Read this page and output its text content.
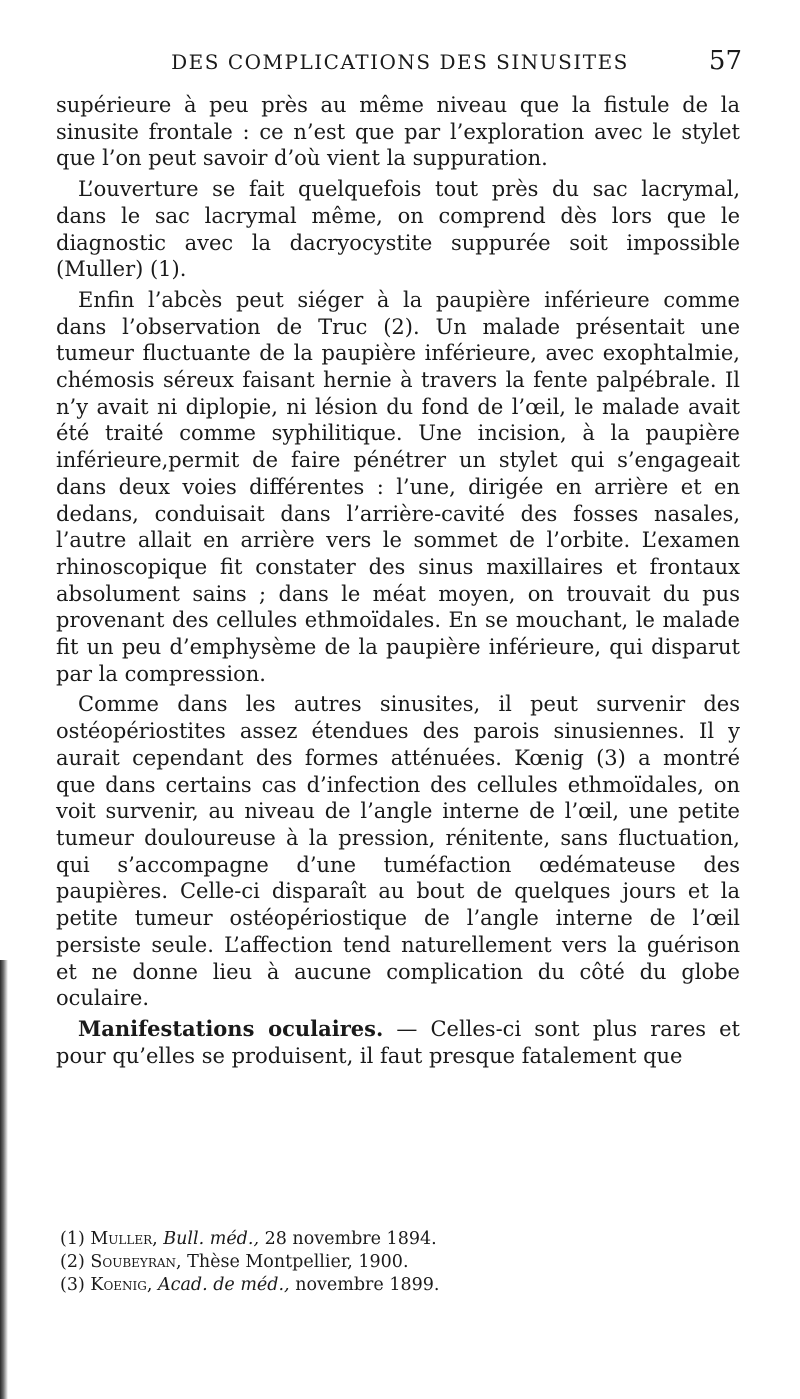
DES COMPLICATIONS DES SINUSITES	57

supérieure à peu près au même niveau que la fistule de la sinusite frontale : ce n’est que par l’exploration avec le stylet que l’on peut savoir d’où vient la suppuration.

L’ouverture se fait quelquefois tout près du sac lacrymal, dans le sac lacrymal même, on comprend dès lors que le diagnostic avec la dacryocystite suppurée soit impossible (Muller) (1).

Enfin l’abcès peut siéger à la paupière inférieure comme dans l’observation de Truc (2). Un malade présentait une tumeur fluctuante de la paupière inférieure, avec exophtalmie, chémosis séreux faisant hernie à travers la fente palpébrale. Il n’y avait ni diplopie, ni lésion du fond de l’œil, le malade avait été traité comme syphilitique. Une incision, à la paupière inférieure,permit de faire pénétrer un stylet qui s’engageait dans deux voies différentes : l’une, dirigée en arrière et en dedans, conduisait dans l’arrière-cavité des fosses nasales, l’autre allait en arrière vers le sommet de l’orbite. L’examen rhinoscopique fit constater des sinus maxillaires et frontaux absolument sains ; dans le méat moyen, on trouvait du pus provenant des cellules ethmoïdales. En se mouchant, le malade fit un peu d’emphysème de la paupière inférieure, qui disparut par la compression.

Comme dans les autres sinusites, il peut survenir des ostéopériostites assez étendues des parois sinusiennes. Il y aurait cependant des formes atténuées. Kœnig (3) a montré que dans certains cas d’infection des cellules ethmoïdales, on voit survenir, au niveau de l’angle interne de l’œil, une petite tumeur douloureuse à la pression, rénitente, sans fluctuation, qui s’accompagne d’une tuméfaction œdémateuse des paupières. Celle-ci disparaît au bout de quelques jours et la petite tumeur ostéopériostique de l’angle interne de l’œil persiste seule. L’affection tend naturellement vers la guérison et ne donne lieu à aucune complication du côté du globe oculaire.

Manifestations oculaires. — Celles-ci sont plus rares et pour qu’elles se produisent, il faut presque fatalement que

(1) Muller, Bull. méd., 28 novembre 1894.

(2) Soubeyran, Thèse Montpellier, 1900.

(3) Koenig, Acad. de méd., novembre 1899.
